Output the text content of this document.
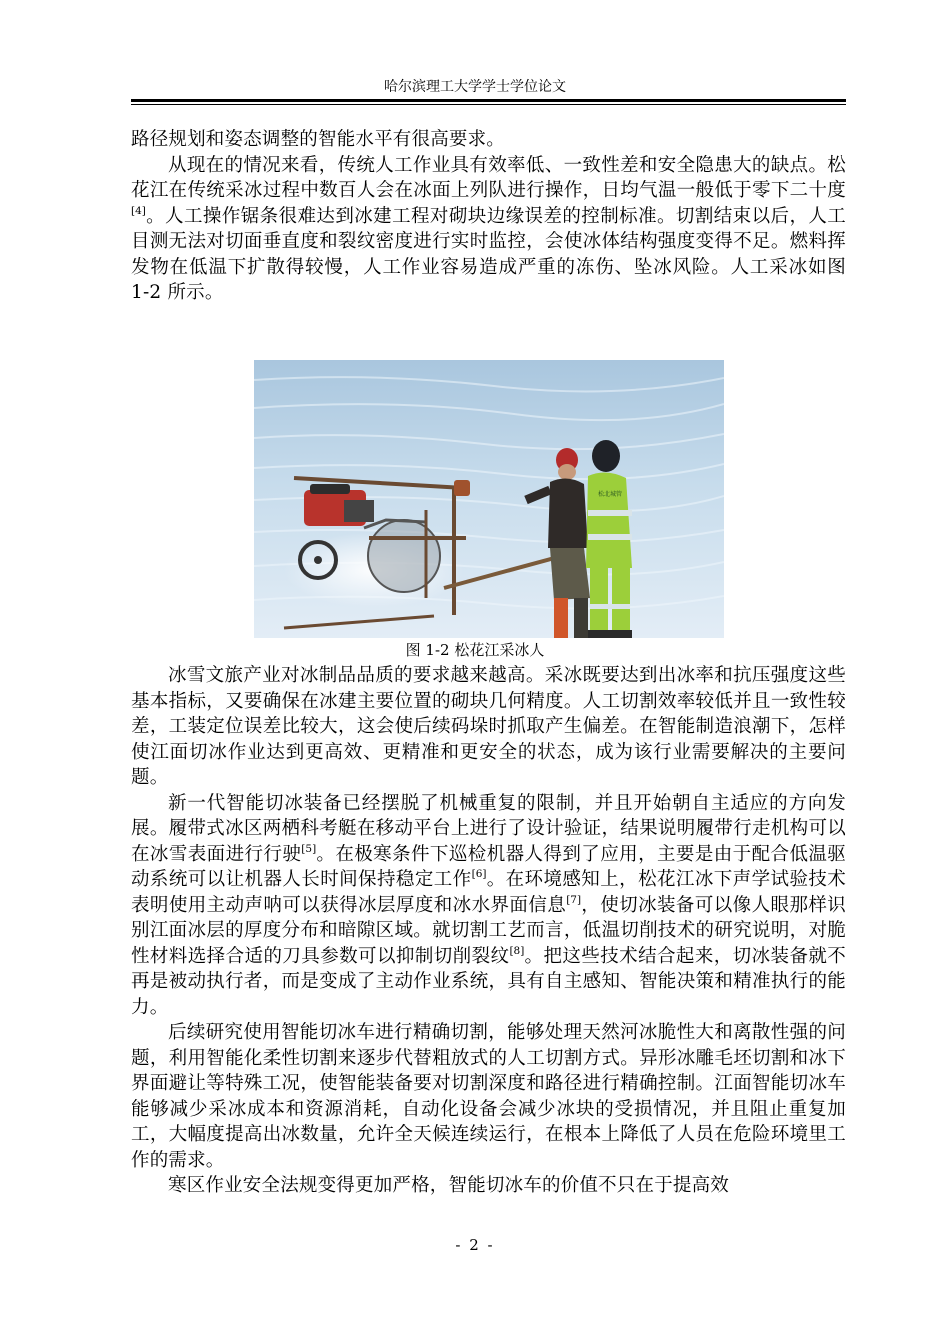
哈尔滨理工大学学士学位论文

路径规划和姿态调整的智能水平有很高要求。

从现在的情况来看，传统人工作业具有效率低、一致性差和安全隐患大的缺点。松花江在传统采冰过程中数百人会在冰面上列队进行操作，日均气温一般低于零下二十度[4]。人工操作锯条很难达到冰建工程对砌块边缘误差的控制标准。切割结束以后，人工目测无法对切面垂直度和裂纹密度进行实时监控，会使冰体结构强度变得不足。燃料挥发物在低温下扩散得较慢，人工作业容易造成严重的冻伤、坠冰风险。人工采冰如图 1-2 所示。

松北城管
图 1-2 松花江采冰人

冰雪文旅产业对冰制品品质的要求越来越高。采冰既要达到出冰率和抗压强度这些基本指标，又要确保在冰建主要位置的砌块几何精度。人工切割效率较低并且一致性较差，工装定位误差比较大，这会使后续码垛时抓取产生偏差。在智能制造浪潮下，怎样使江面切冰作业达到更高效、更精准和更安全的状态，成为该行业需要解决的主要问题。

新一代智能切冰装备已经摆脱了机械重复的限制，并且开始朝自主适应的方向发展。履带式冰区两栖科考艇在移动平台上进行了设计验证，结果说明履带行走机构可以在冰雪表面进行行驶[5]。在极寒条件下巡检机器人得到了应用，主要是由于配合低温驱动系统可以让机器人长时间保持稳定工作[6]。在环境感知上，松花江冰下声学试验技术表明使用主动声呐可以获得冰层厚度和冰水界面信息[7]，使切冰装备可以像人眼那样识别江面冰层的厚度分布和暗隙区域。就切割工艺而言，低温切削技术的研究说明，对脆性材料选择合适的刀具参数可以抑制切削裂纹[8]。把这些技术结合起来，切冰装备就不再是被动执行者，而是变成了主动作业系统，具有自主感知、智能决策和精准执行的能力。

后续研究使用智能切冰车进行精确切割，能够处理天然河冰脆性大和离散性强的问题，利用智能化柔性切割来逐步代替粗放式的人工切割方式。异形冰雕毛坯切割和冰下界面避让等特殊工况，使智能装备要对切割深度和路径进行精确控制。江面智能切冰车能够减少采冰成本和资源消耗，自动化设备会减少冰块的受损情况，并且阻止重复加工，大幅度提高出冰数量，允许全天候连续运行，在根本上降低了人员在危险环境里工作的需求。

寒区作业安全法规变得更加严格，智能切冰车的价值不只在于提高效

- 2 -
